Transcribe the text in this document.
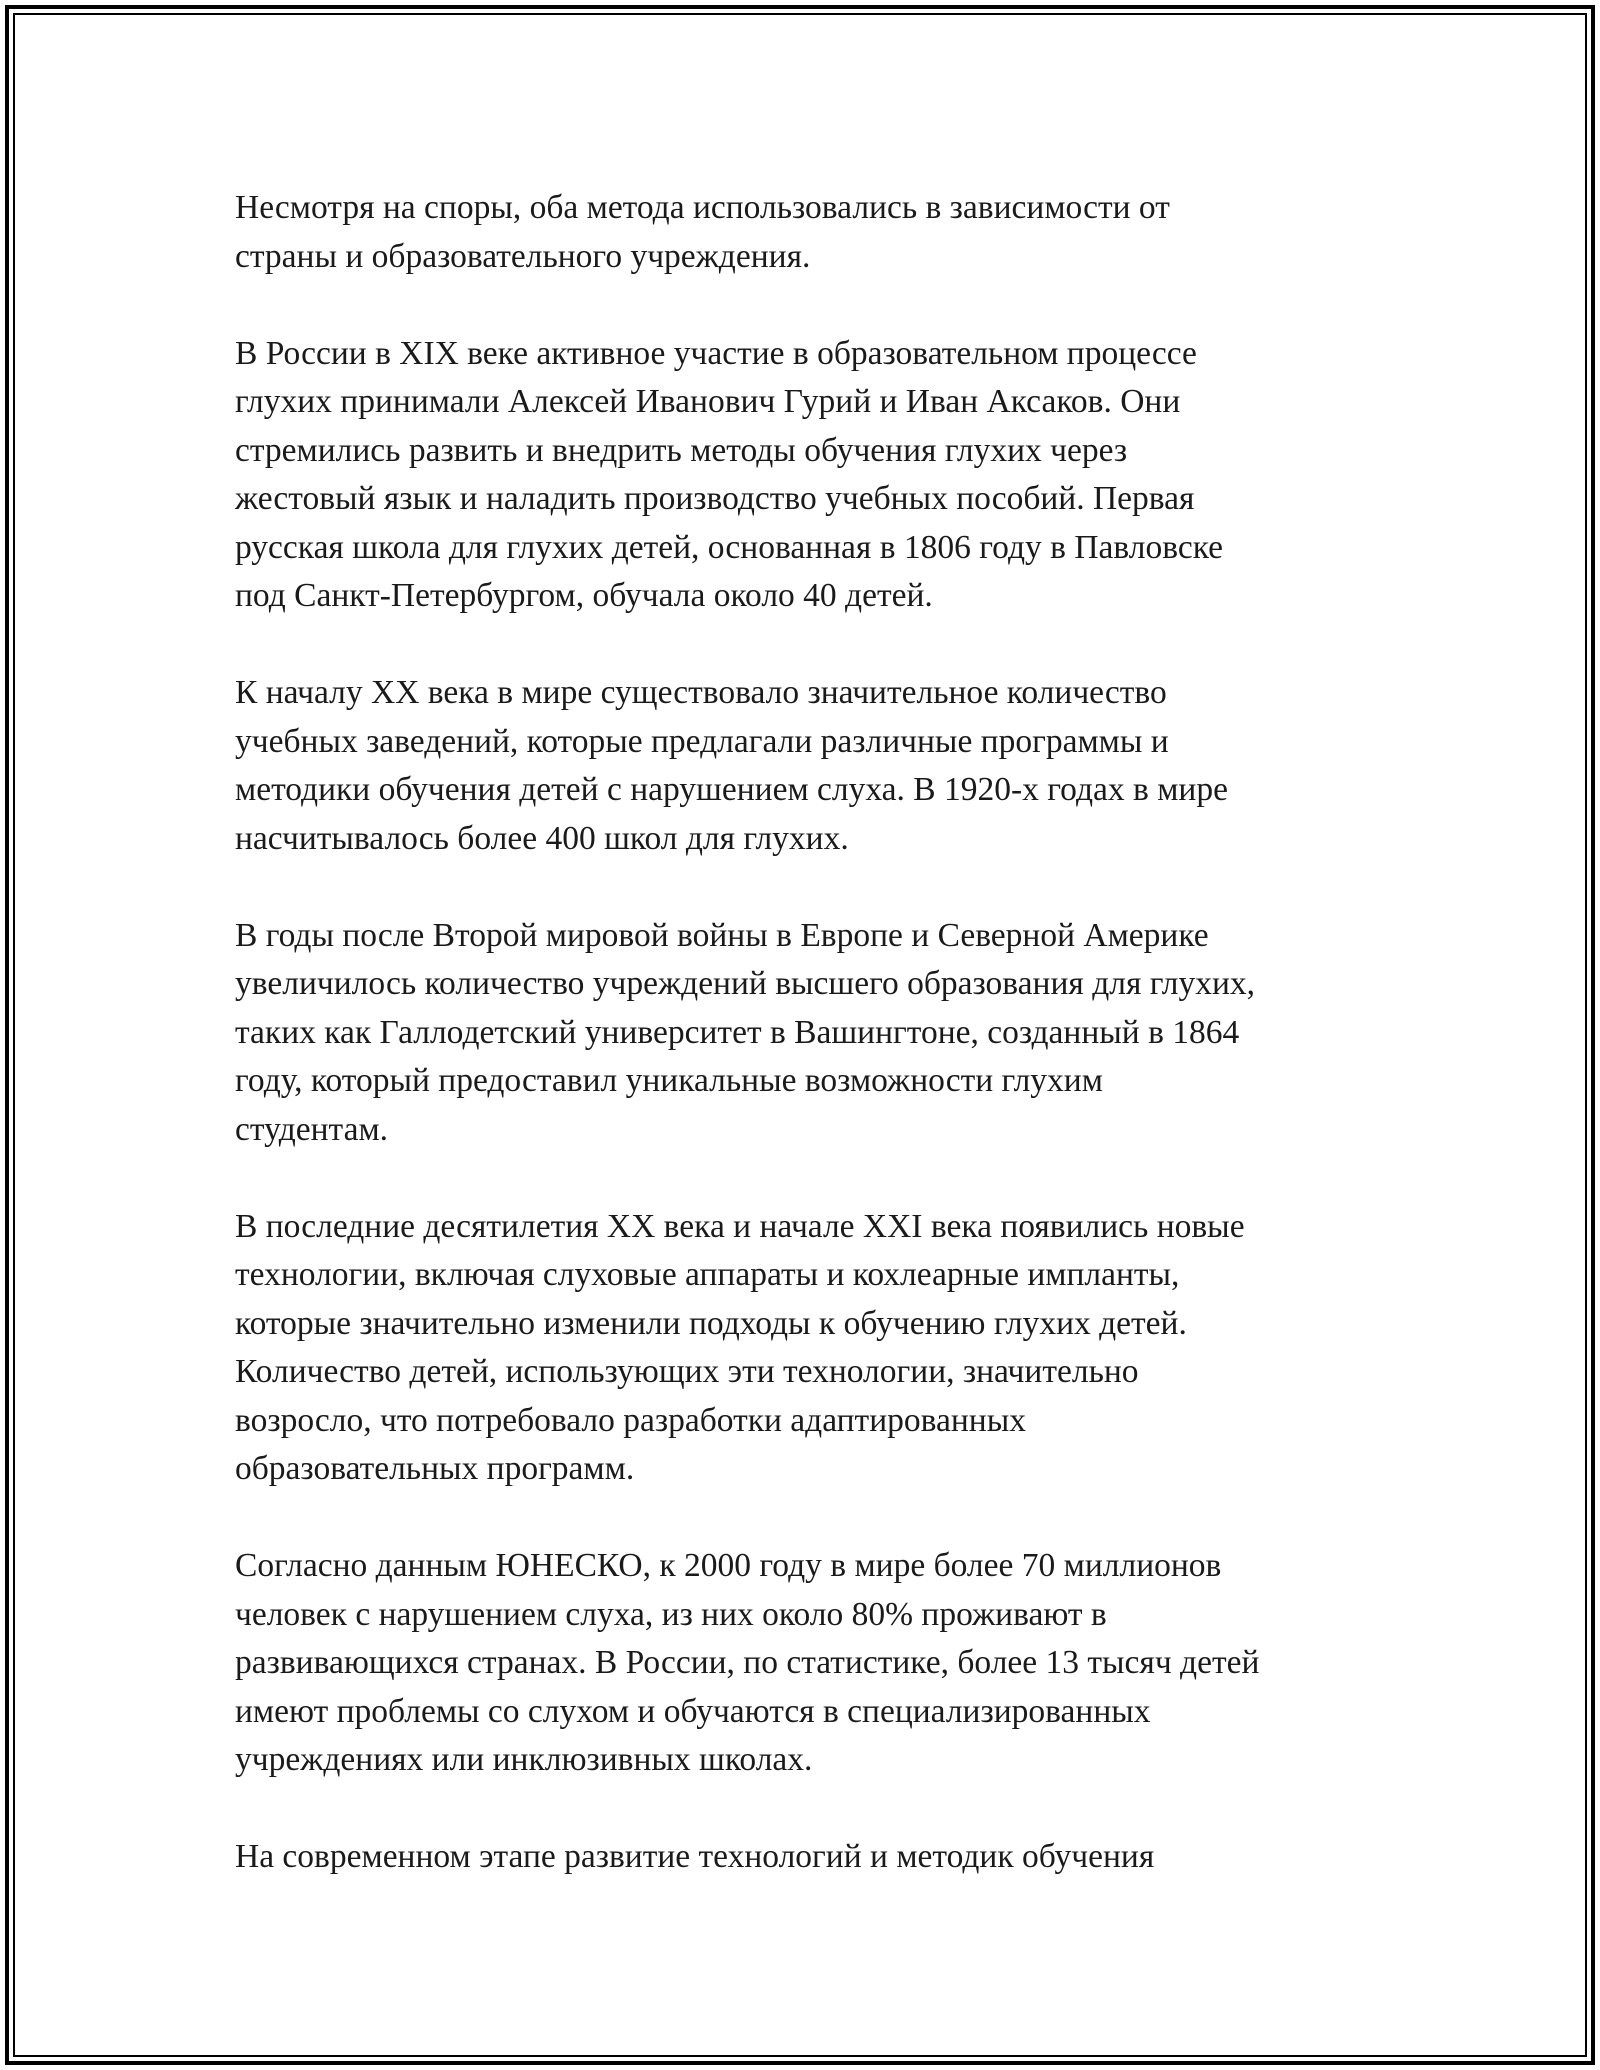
Несмотря на споры, оба метода использовались в зависимости от
страны и образовательного учреждения.

В России в XIX веке активное участие в образовательном процессе
глухих принимали Алексей Иванович Гурий и Иван Аксаков. Они
стремились развить и внедрить методы обучения глухих через
жестовый язык и наладить производство учебных пособий. Первая
русская школа для глухих детей, основанная в 1806 году в Павловске
под Санкт-Петербургом, обучала около 40 детей.

К началу XX века в мире существовало значительное количество
учебных заведений, которые предлагали различные программы и
методики обучения детей с нарушением слуха. В 1920-х годах в мире
насчитывалось более 400 школ для глухих.

В годы после Второй мировой войны в Европе и Северной Америке
увеличилось количество учреждений высшего образования для глухих,
таких как Галлодетский университет в Вашингтоне, созданный в 1864
году, который предоставил уникальные возможности глухим
студентам.

В последние десятилетия XX века и начале XXI века появились новые
технологии, включая слуховые аппараты и кохлеарные импланты,
которые значительно изменили подходы к обучению глухих детей.
Количество детей, использующих эти технологии, значительно
возросло, что потребовало разработки адаптированных
образовательных программ.

Согласно данным ЮНЕСКО, к 2000 году в мире более 70 миллионов
человек с нарушением слуха, из них около 80% проживают в
развивающихся странах. В России, по статистике, более 13 тысяч детей
имеют проблемы со слухом и обучаются в специализированных
учреждениях или инклюзивных школах.

На современном этапе развитие технологий и методик обучения
